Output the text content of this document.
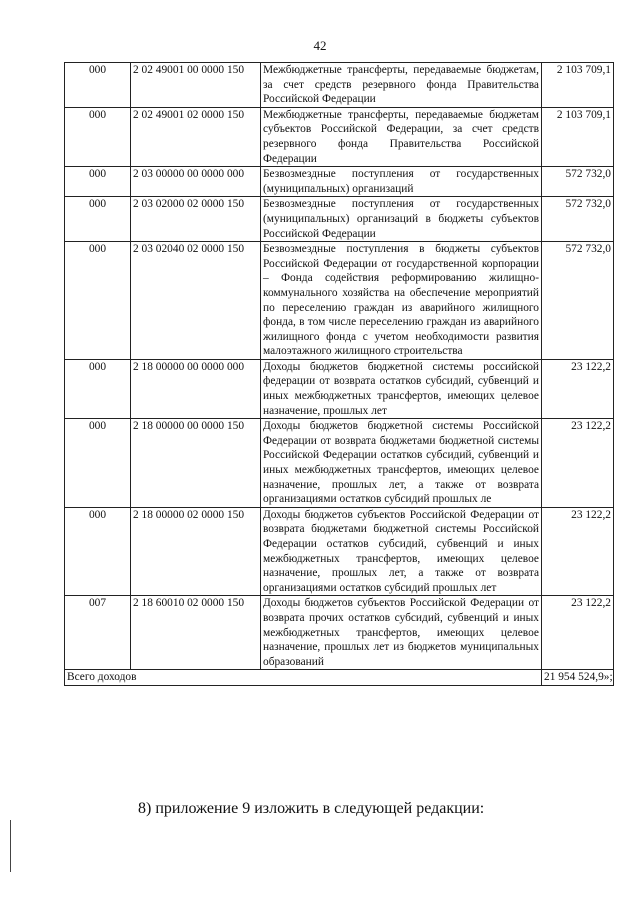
42
000	2 02 49001 00 0000 150	Межбюджетные трансферты, передаваемые бюджетам, за счет средств резервного фонда Правительства Российской Федерации	2 103 709,1
000	2 02 49001 02 0000 150	Межбюджетные трансферты, передаваемые бюджетам субъектов Российской Федерации, за счет средств резервного фонда Правительства Российской Федерации	2 103 709,1
000	2 03 00000 00 0000 000	Безвозмездные поступления от государственных (муниципальных) организаций	572 732,0
000	2 03 02000 02 0000 150	Безвозмездные поступления от государственных (муниципальных) организаций в бюджеты субъектов Российской Федерации	572 732,0
000	2 03 02040 02 0000 150	Безвозмездные поступления в бюджеты субъектов Российской Федерации от государственной корпорации – Фонда содействия реформированию жилищно-коммунального хозяйства на обеспечение мероприятий по переселению граждан из аварийного жилищного фонда, в том числе переселению граждан из аварийного жилищного фонда с учетом необходимости развития малоэтажного жилищного строительства	572 732,0
000	2 18 00000 00 0000 000	Доходы бюджетов бюджетной системы российской федерации от возврата остатков субсидий, субвенций и иных межбюджетных трансфертов, имеющих целевое назначение, прошлых лет	23 122,2
000	2 18 00000 00 0000 150	Доходы бюджетов бюджетной системы Российской Федерации от возврата бюджетами бюджетной системы Российской Федерации остатков субсидий, субвенций и иных межбюджетных трансфертов, имеющих целевое назначение, прошлых лет, а также от возврата организациями остатков субсидий прошлых ле	23 122,2
000	2 18 00000 02 0000 150	Доходы бюджетов субъектов Российской Федерации от возврата бюджетами бюджетной системы Российской Федерации остатков субсидий, субвенций и иных межбюджетных трансфертов, имеющих целевое назначение, прошлых лет, а также от возврата организациями остатков субсидий прошлых лет	23 122,2
007	2 18 60010 02 0000 150	Доходы бюджетов субъектов Российской Федерации от возврата прочих остатков субсидий, субвенций и иных межбюджетных трансфертов, имеющих целевое назначение, прошлых лет из бюджетов муниципальных образований	23 122,2
Всего доходов			21 954 524,9»;
8) приложение 9 изложить в следующей редакции:
